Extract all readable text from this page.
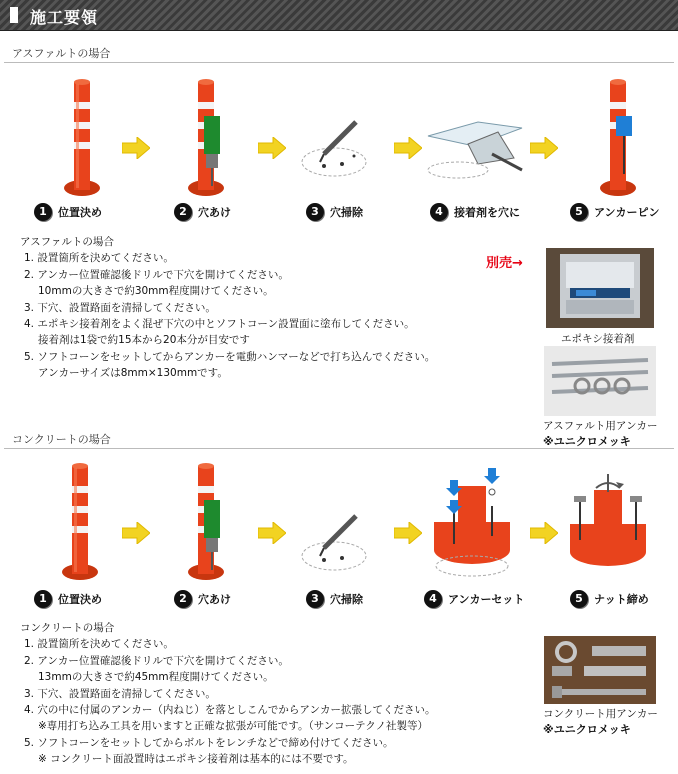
施工要領
アスファルトの場合
1	位置決め	2	穴あけ	3	穴掃除	4	接着剤を穴に	5	アンカーピン
アスファルトの場合
1. 設置箇所を決めてください。
2. アンカー位置確認後ドリルで下穴を開けてください。
10mmの大きさで約30mm程度開けてください。
3. 下穴、設置路面を清掃してください。
4. エポキシ接着剤をよく混ぜ下穴の中とソフトコーン設置面に塗布してください。
接着剤は1袋で約15本から20本分が目安です
5. ソフトコーンをセットしてからアンカーを電動ハンマーなどで打ち込んでください。
アンカーサイズは8mm×130mmです。
別売→
エポキシ接着剤
アスファルト用アンカー
※ユニクロメッキ
コンクリートの場合
1	位置決め	2	穴あけ	3	穴掃除	4	アンカーセット	5	ナット締め
コンクリートの場合
1. 設置箇所を決めてください。
2. アンカー位置確認後ドリルで下穴を開けてください。
13mmの大きさで約45mm程度開けてください。
3. 下穴、設置路面を清掃してください。
4. 穴の中に付属のアンカー（内ねじ）を落としこんでからアンカー拡張してください。
※専用打ち込み工具を用いますと正確な拡張が可能です。（サンコーテクノ社製等）
5. ソフトコーンをセットしてからボルトをレンチなどで締め付けてください。
※ コンクリート面設置時はエポキシ接着剤は基本的には不要です。
コンクリート用アンカー
※ユニクロメッキ
